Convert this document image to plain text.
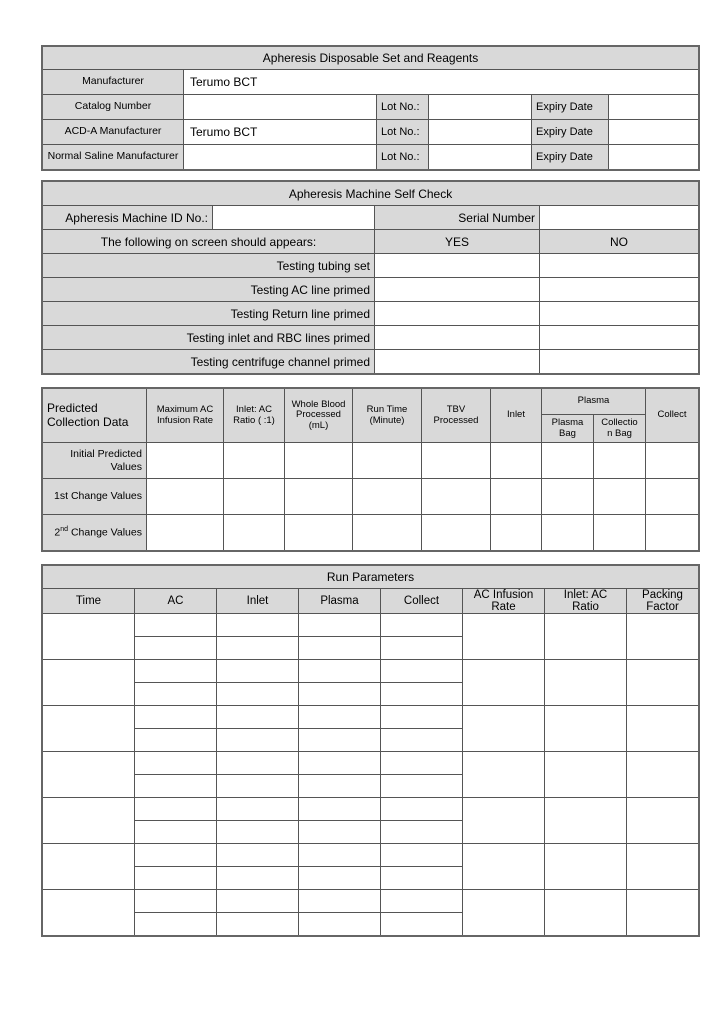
Apheresis Disposable Set and Reagents					
Manufacturer	Terumo BCT				
Catalog Number		Lot No.:		Expiry Date	
ACD-A Manufacturer	Terumo BCT	Lot No.:		Expiry Date	
Normal Saline Manufacturer		Lot No.:		Expiry Date	
Apheresis Machine Self Check			
Apheresis Machine ID No.:		Serial Number	
The following on screen should appears:		YES	NO
Testing tubing set			
Testing AC line primed			
Testing Return line primed			
Testing inlet and RBC lines primed			
Testing centrifuge channel primed			
Predicted Collection Data	Maximum AC Infusion Rate	Inlet: AC Ratio ( :1)	Whole Blood Processed (mL)	Run Time (Minute)	TBV Processed	Inlet	Plasma		Collect
							Plasma Bag	Collectio n Bag	
Initial Predicted Values									
1st Change Values									
2nd Change Values									
Run Parameters							
Time	AC	Inlet	Plasma	Collect	AC Infusion Rate	Inlet: AC Ratio	Packing Factor
